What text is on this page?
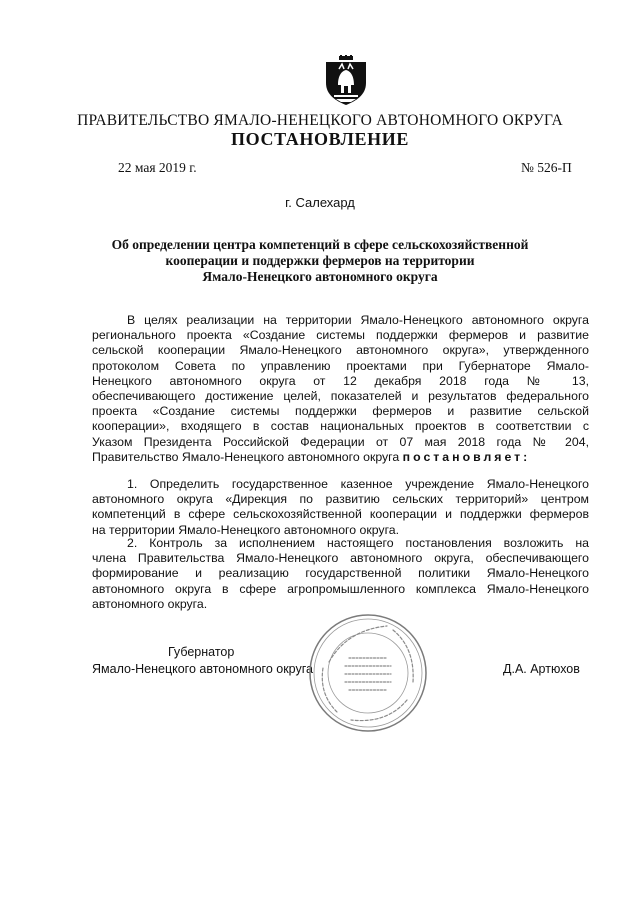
ПРАВИТЕЛЬСТВО ЯМАЛО-НЕНЕЦКОГО АВТОНОМНОГО ОКРУГА
ПОСТАНОВЛЕНИЕ
22 мая 2019 г.	№ 526-П
г. Салехард
Об определении центра компетенций в сфере сельскохозяйственной
кооперации и поддержки фермеров на территории
Ямало-Ненецкого автономного округа
В целях реализации на территории Ямало-Ненецкого автономного округа
регионального проекта «Создание системы поддержки фермеров и развитие
сельской кооперации Ямало-Ненецкого автономного округа», утвержденного
протоколом Совета по управлению проектами при Губернаторе Ямало-
Ненецкого автономного округа от 12 декабря 2018 года № 13,
обеспечивающего достижение целей, показателей и результатов федерального
проекта «Создание системы поддержки фермеров и развитие сельской
кооперации», входящего в состав национальных проектов в соответствии с
Указом Президента Российской Федерации от 07 мая 2018 года № 204,
Правительство Ямало-Ненецкого автономного округа постановляет:
1. Определить государственное казенное учреждение Ямало-Ненецкого
автономного округа «Дирекция по развитию сельских территорий» центром
компетенций в сфере сельскохозяйственной кооперации и поддержки фермеров
на территории Ямало-Ненецкого автономного округа.
2. Контроль за исполнением настоящего постановления возложить на
члена Правительства Ямало-Ненецкого автономного округа, обеспечивающего
формирование и реализацию государственной политики Ямало-Ненецкого
автономного округа в сфере агропромышленного комплекса Ямало-Ненецкого
автономного округа.
Губернатор
Ямало-Ненецкого автономного округа	Д.А. Артюхов
